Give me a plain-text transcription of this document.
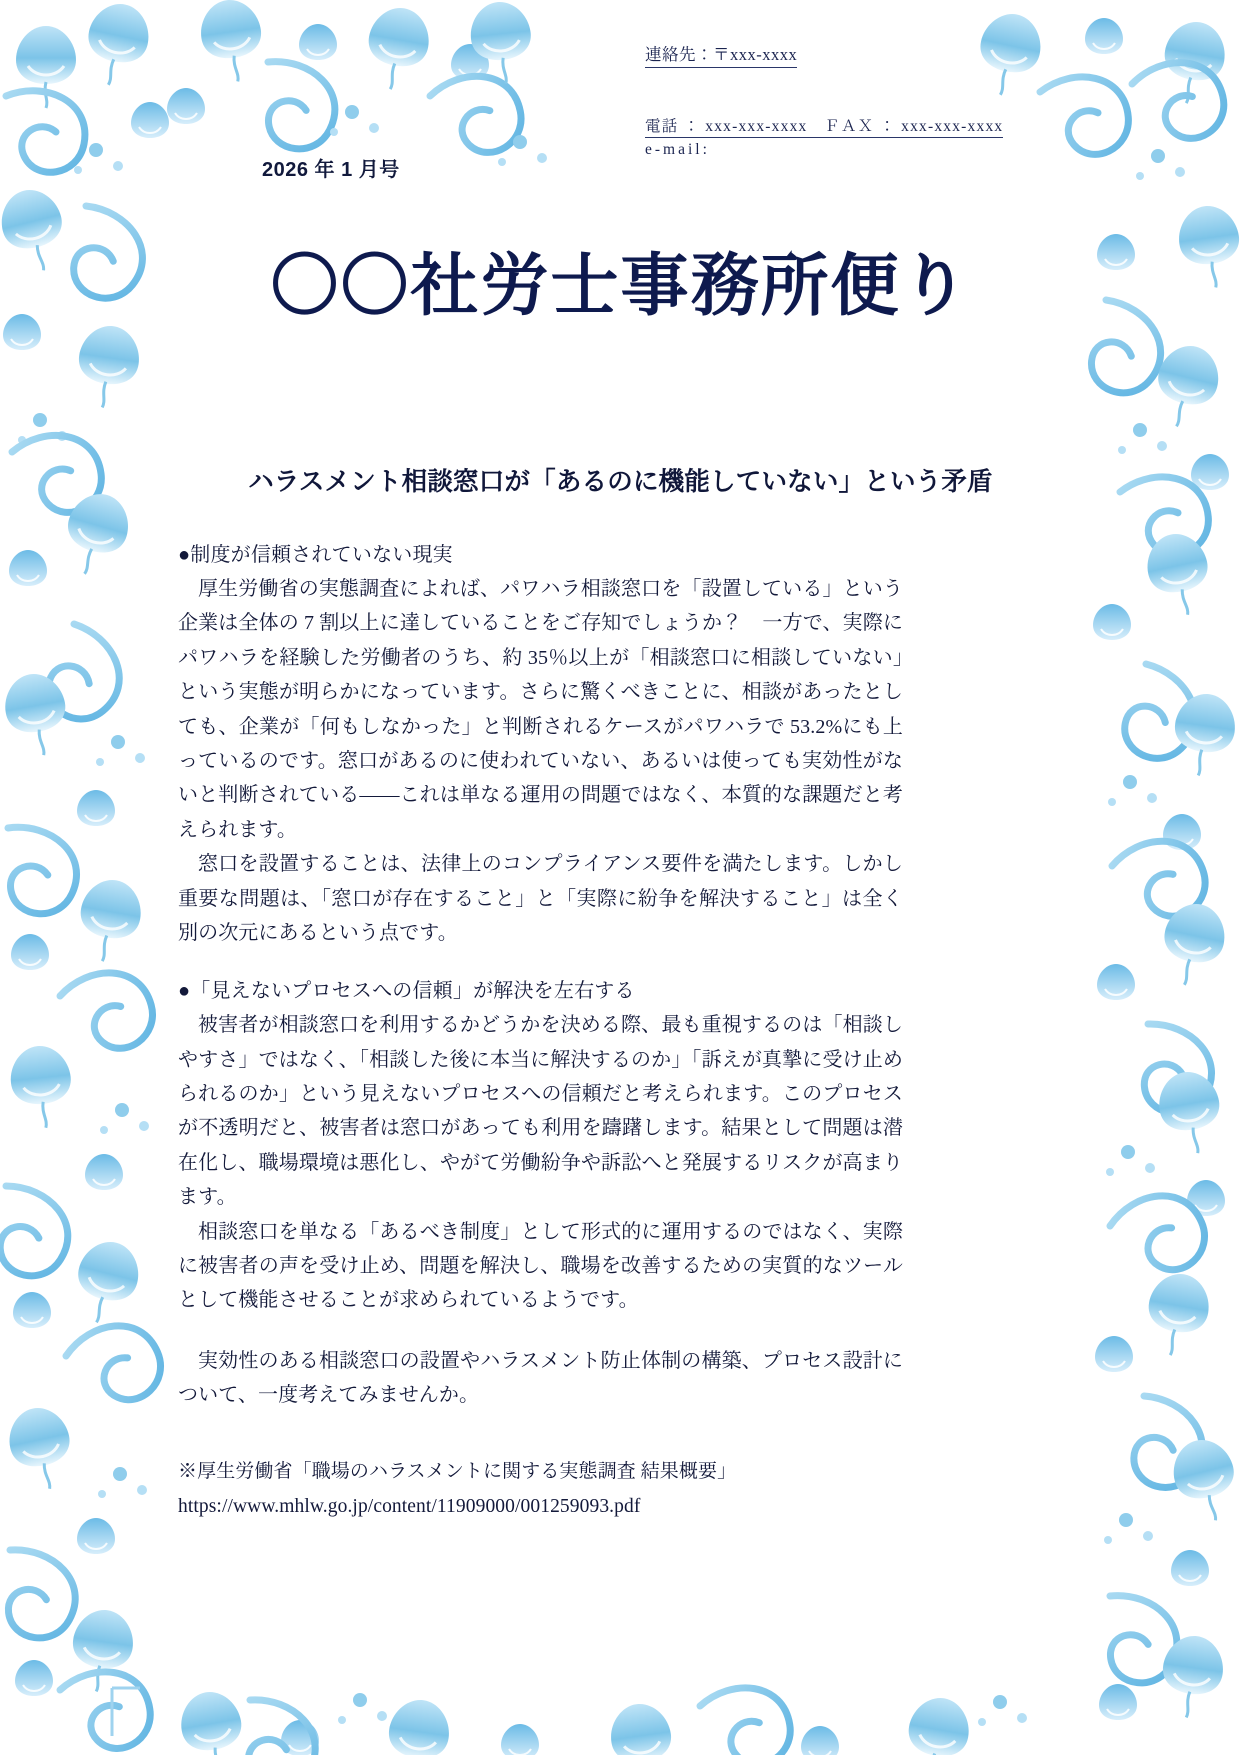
連絡先：〒xxx-xxxx 電話 ： xxx-xxx-xxxx　ＦＡＸ ： xxx-xxx-xxxx
e-mail:
2026 年 1 月号
〇〇社労士事務所便り
ハラスメント相談窓口が「あるのに機能していない」という矛盾
●制度が信頼されていない現実

厚生労働省の実態調査によれば、パワハラ相談窓口を「設置している」という企業は全体の 7 割以上に達していることをご存知でしょうか？　一方で、実際にパワハラを経験した労働者のうち、約 35％以上が「相談窓口に相談していない」という実態が明らかになっています。さらに驚くべきことに、相談があったとしても、企業が「何もしなかった」と判断されるケースがパワハラで 53.2%にも上っているのです。窓口があるのに使われていない、あるいは使っても実効性がないと判断されている——これは単なる運用の問題ではなく、本質的な課題だと考えられます。

窓口を設置することは、法律上のコンプライアンス要件を満たします。しかし重要な問題は、「窓口が存在すること」と「実際に紛争を解決すること」は全く別の次元にあるという点です。

●「見えないプロセスへの信頼」が解決を左右する

被害者が相談窓口を利用するかどうかを決める際、最も重視するのは「相談しやすさ」ではなく、「相談した後に本当に解決するのか」「訴えが真摯に受け止められるのか」という見えないプロセスへの信頼だと考えられます。このプロセスが不透明だと、被害者は窓口があっても利用を躊躇します。結果として問題は潜在化し、職場環境は悪化し、やがて労働紛争や訴訟へと発展するリスクが高まります。

相談窓口を単なる「あるべき制度」として形式的に運用するのではなく、実際に被害者の声を受け止め、問題を解決し、職場を改善するための実質的なツールとして機能させることが求められているようです。

実効性のある相談窓口の設置やハラスメント防止体制の構築、プロセス設計について、一度考えてみませんか。

※厚生労働省「職場のハラスメントに関する実態調査 結果概要」

https://www.mhlw.go.jp/content/11909000/001259093.pdf
